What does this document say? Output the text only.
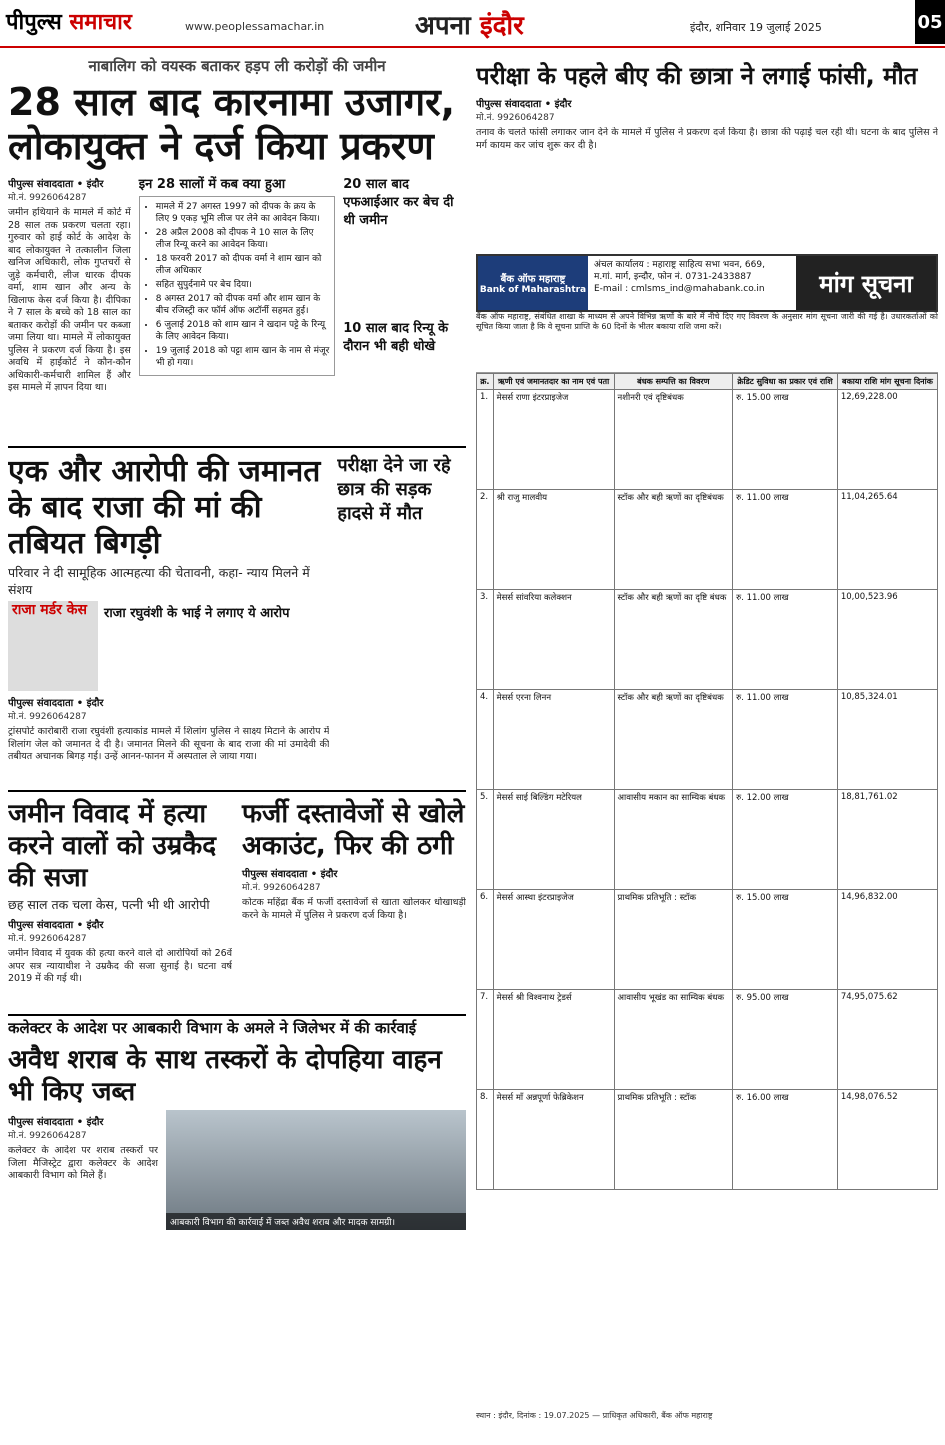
पीपुल्स समाचार	www.peoplessamachar.in	अपना इंदौर	इंदौर, शनिवार 19 जुलाई 2025	05
नाबालिग को वयस्क बताकर हड़प ली करोड़ों की जमीन
28 साल बाद कारनामा उजागर, लोकायुक्त ने दर्ज किया प्रकरण
पीपुल्स संवाददाता • इंदौर
मो.नं. 9926064287
जमीन हथियाने के मामले में कोर्ट में 28 साल तक प्रकरण चलता रहा। गुरुवार को हाई कोर्ट के आदेश के बाद लोकायुक्त ने तत्कालीन जिला खनिज अधिकारी, लोक गुप्तचरों से जुड़े कर्मचारी, लीज धारक दीपक वर्मा, शाम खान और अन्य के खिलाफ केस दर्ज किया है। दीपिका ने 7 साल के बच्चे को 18 साल का बताकर करोड़ों की जमीन पर कब्जा जमा लिया था। मामले में लोकायुक्त पुलिस ने प्रकरण दर्ज किया है। इस अवधि में हाईकोर्ट ने कौन-कौन अधिकारी-कर्मचारी शामिल हैं और इस मामले में ज्ञापन दिया था।
इन 28 सालों में कब क्या हुआ
• मामले में 27 अगस्त 1997 को दीपक के क्रय के लिए 9 एकड़ भूमि लीज पर लेने का आवेदन किया।
• 28 अप्रैल 2008 को दीपक ने 10 साल के लिए लीज रिन्यू करने का आवेदन किया।
• 18 फरवरी 2017 को दीपक वर्मा ने शाम खान को लीज अधिकार
• सहित सुपुर्दनामे पर बेच दिया।
• 8 अगस्त 2017 को दीपक वर्मा और शाम खान के बीच रजिस्ट्री कर फॉर्म ऑफ अटॉर्नी सहमत हुई।
• 6 जुलाई 2018 को शाम खान ने खदान पट्टे के रिन्यू के लिए आवेदन किया।
• 19 जुलाई 2018 को पट्टा शाम खान के नाम से मंजूर भी हो गया।
20 साल बाद एफआईआर कर बेच दी थी जमीन
10 साल बाद रिन्यू के दौरान भी बही धोखे
एक और आरोपी की जमानत के बाद राजा की मां की तबियत बिगड़ी
परिवार ने दी सामूहिक आत्महत्या की चेतावनी, कहा- न्याय मिलने में संशय
राजा मर्डर केस राजा रघुवंशी के भाई ने लगाए ये आरोप
पीपुल्स संवाददाता • इंदौर
मो.नं. 9926064287
ट्रांसपोर्ट कारोबारी राजा रघुवंशी हत्याकांड मामले में शिलांग पुलिस ने साक्ष्य मिटाने के आरोप में शिलांग जेल को जमानत दे दी है। जमानत मिलने की सूचना के बाद राजा की मां उमादेवी की तबीयत अचानक बिगड़ गई। उन्हें आनन-फानन में अस्पताल ले जाया गया।
परीक्षा देने जा रहे छात्र की सड़क हादसे में मौत
जमीन विवाद में हत्या करने वालों को उम्रकैद की सजा
छह साल तक चला केस, पत्नी भी थी आरोपी
पीपुल्स संवाददाता • इंदौर
मो.नं. 9926064287
जमीन विवाद में युवक की हत्या करने वाले दो आरोपियों को 26वें अपर सत्र न्यायाधीश ने उम्रकैद की सजा सुनाई है। घटना वर्ष 2019 में की गई थी।
फर्जी दस्तावेजों से खोले अकाउंट, फिर की ठगी
पीपुल्स संवाददाता • इंदौर
मो.नं. 9926064287
कोटक महिंद्रा बैंक में फर्जी दस्तावेजों से खाता खोलकर धोखाधड़ी करने के मामले में पुलिस ने प्रकरण दर्ज किया है।
कलेक्टर के आदेश पर आबकारी विभाग के अमले ने जिलेभर में की कार्रवाई
अवैध शराब के साथ तस्करों के दोपहिया वाहन भी किए जब्त
पीपुल्स संवाददाता • इंदौर
मो.नं. 9926064287
कलेक्टर के आदेश पर शराब तस्करों पर जिला मैजिस्ट्रेट द्वारा कलेक्टर के आदेश आबकारी विभाग को मिले हैं।
आबकारी विभाग की कार्रवाई में जब्त अवैध शराब और मादक सामग्री।
परीक्षा के पहले बीए की छात्रा ने लगाई फांसी, मौत
पीपुल्स संवाददाता • इंदौर
मो.नं. 9926064287
तनाव के चलते फांसी लगाकर जान देने के मामले में पुलिस ने प्रकरण दर्ज किया है। छात्रा की पढ़ाई चल रही थी। घटना के बाद पुलिस ने मर्ग कायम कर जांच शुरू कर दी है।
बैंक ऑफ महाराष्ट्र
Bank of Maharashtra
अंचल कार्यालय : महाराष्ट्र साहित्य सभा भवन, 669,
म.गां. मार्ग, इन्दौर, फोन नं. 0731-2433887
E-mail : cmlsms_ind@mahabank.co.in	मांग सूचना
बैंक ऑफ महाराष्ट्र, संबंधित शाखा के माध्यम से अपने विभिन्न ऋणों के बारे में नीचे दिए गए विवरण के अनुसार मांग सूचना जारी की गई है। उधारकर्ताओं को सूचित किया जाता है कि वे सूचना प्राप्ति के 60 दिनों के भीतर बकाया राशि जमा करें।
क्र.	ऋणी एवं जमानतदार का नाम एवं पता	बंधक सम्पत्ति का विवरण	क्रेडिट सुविधा का प्रकार एवं राशि	बकाया राशि मांग सूचना दिनांक
1.	मेसर्स राणा इंटरप्राइजेज	नशीनरी एवं दृष्टिबंधक	रु. 15.00 लाख	12,69,228.00
2.	श्री राजु मालवीय	स्टॉक और बही ऋणों का दृष्टिबंधक	रु. 11.00 लाख	11,04,265.64
3.	मेसर्स सांवरिया कलेक्शन	स्टॉक और बही ऋणों का दृष्टि बंधक	रु. 11.00 लाख	10,00,523.96
4.	मेसर्स एरना लिनन	स्टॉक और बही ऋणों का दृष्टिबंधक	रु. 11.00 लाख	10,85,324.01
5.	मेसर्स साई बिल्डिंग मटेरियल	आवासीय मकान का साम्यिक बंधक	रु. 12.00 लाख	18,81,761.02
6.	मेसर्स आस्था इंटरप्राइजेज	प्राथमिक प्रतिभूति : स्टॉक	रु. 15.00 लाख	14,96,832.00
7.	मेसर्स श्री विश्वनाथ ट्रेडर्स	आवासीय भूखंड का साम्यिक बंधक	रु. 95.00 लाख	74,95,075.62
8.	मेसर्स माँ अन्नपूर्णा फेब्रिकेशन	प्राथमिक प्रतिभूति : स्टॉक	रु. 16.00 लाख	14,98,076.52
स्थान : इंदौर, दिनांक : 19.07.2025 — प्राधिकृत अधिकारी, बैंक ऑफ महाराष्ट्र
